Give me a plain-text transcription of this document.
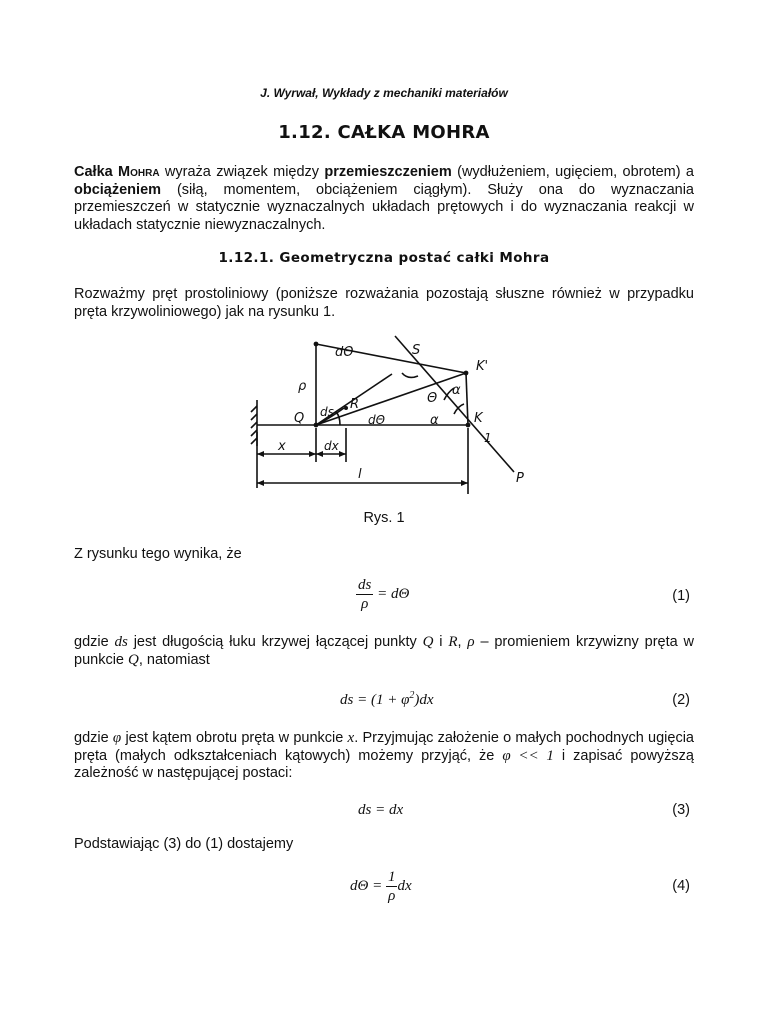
J. Wyrwał, Wykłady z mechaniki materiałów
1.12. CAŁKA MOHRA
Całka Mohra wyraża związek między przemieszczeniem (wydłużeniem, ugięciem, obrotem) a obciążeniem (siłą, momentem, obciążeniem ciągłym). Służy ona do wyznaczania przemieszczeń w statycznie wyznaczalnych układach prętowych i do wyznaczania reakcji w układach statycznie niewyznaczalnych.
1.12.1. Geometryczna postać całki Mohra
Rozważmy pręt prostoliniowy (poniższe rozważania pozostają słuszne również w przypadku pręta krzywoliniowego) jak na rysunku 1.
dΘ	S
K'
ρ	α
Θ
Q ds R
dΘ	α	K
1
x	dx
l	P
Rys. 1
Z rysunku tego wynika, że
$\frac{ds}{\rho} = d\Theta$	(1)
gdzie ds jest długością łuku krzywej łączącej punkty Q i R, ρ – promieniem krzywizny pręta w punkcie Q, natomiast
ds = $(1 + \varphi^2)dx$	(2)
gdzie φ jest kątem obrotu pręta w punkcie x. Przyjmując założenie o małych pochodnych ugięcia pręta (małych odkształceniach kątowych) możemy przyjąć, że φ << 1 i zapisać powyższą zależność w następującej postaci:
ds = dx	(3)
Podstawiając (3) do (1) dostajemy
$d\Theta = \frac{1}{\rho}$ dx	(4)
